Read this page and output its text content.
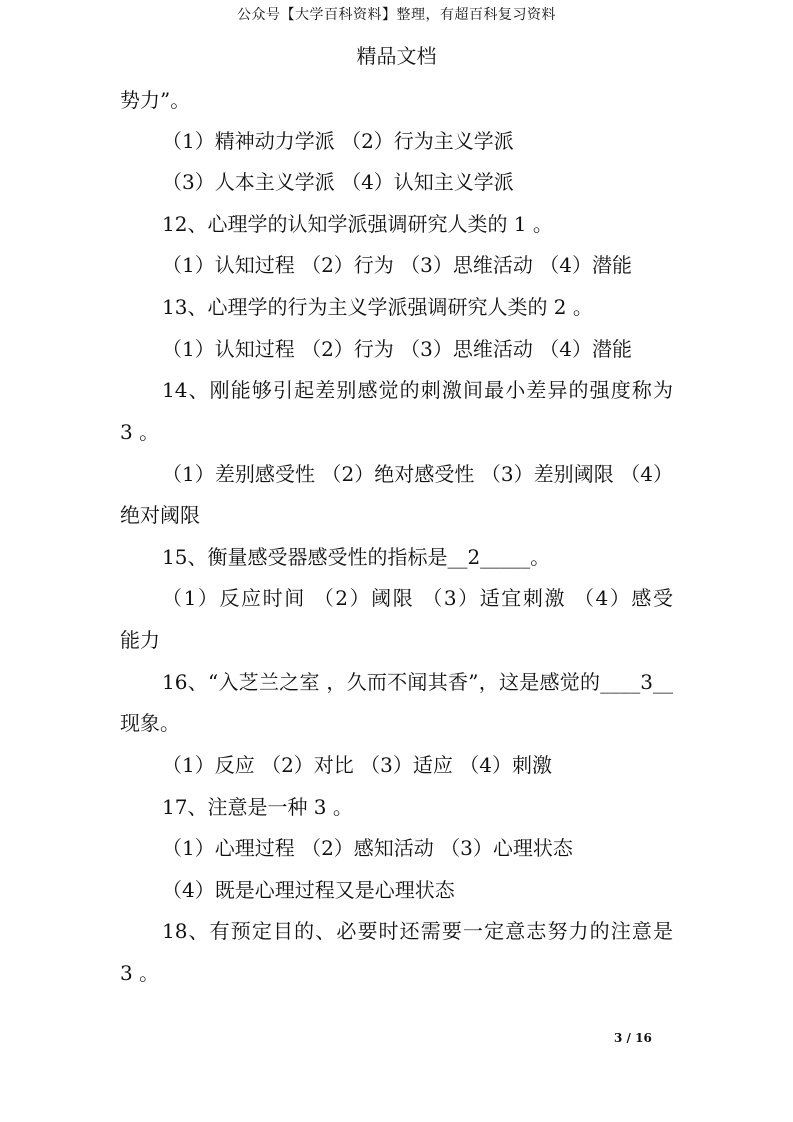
公众号【大学百科资料】整理，有超百科复习资料
精品文档
势力”。
（1）精神动力学派 （2）行为主义学派
（3）人本主义学派 （4）认知主义学派
12、心理学的认知学派强调研究人类的 1 。
（1）认知过程 （2）行为 （3）思维活动 （4）潜能
13、心理学的行为主义学派强调研究人类的 2 。
（1）认知过程 （2）行为 （3）思维活动 （4）潜能
14、刚能够引起差别感觉的刺激间最小差异的强度称为
3 。
（1）差别感受性 （2）绝对感受性 （3）差别阈限 （4）
绝对阈限
15、衡量感受器感受性的指标是__2_____。
（1）反应时间 （2）阈限 （3）适宜刺激 （4）感受
能力
16、“入芝兰之室 ，久而不闻其香”，这是感觉的____3__
现象。
（1）反应 （2）对比 （3）适应 （4）刺激
17、注意是一种 3 。
（1）心理过程 （2）感知活动 （3）心理状态
（4）既是心理过程又是心理状态
18、有预定目的、必要时还需要一定意志努力的注意是
3 。
3 / 16
